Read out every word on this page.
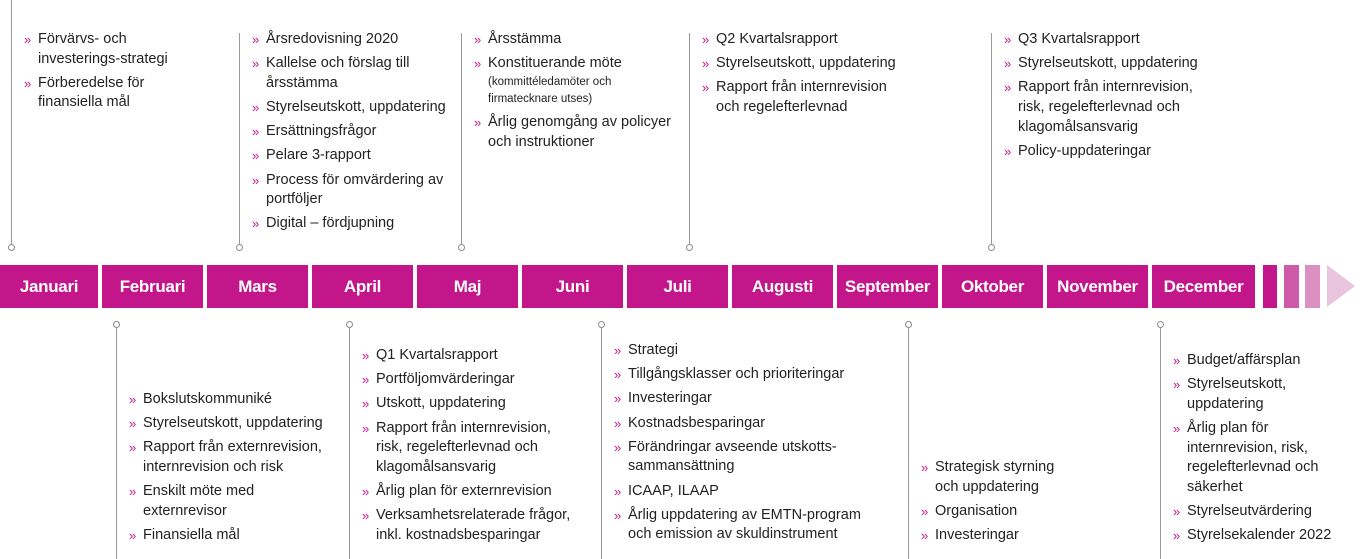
Januari	Februari	Mars	April	Maj	Juni	Juli	Augusti	September	Oktober	November	December
» Förvärvs- och investerings-strategi
» Förberedelse för finansiella mål
» Årsredovisning 2020
» Kallelse och förslag till årsstämma
» Styrelseutskott, uppdatering
» Ersättningsfrågor
» Pelare 3-rapport
» Process för omvärdering av portföljer
» Digital – fördjupning
» Årsstämma
» Konstituerande möte
(kommittéledamöter och firmatecknare utses)
» Årlig genomgång av policyer och instruktioner
» Q2 Kvartalsrapport
» Styrelseutskott, uppdatering
» Rapport från internrevision och regelefterlevnad
» Q3 Kvartalsrapport
» Styrelseutskott, uppdatering
» Rapport från internrevision, risk, regelefterlevnad och klagomålsansvarig
» Policy-uppdateringar
» Bokslutskommuniké
» Styrelseutskott, uppdatering
» Rapport från externrevision, internrevision och risk
» Enskilt möte med externrevisor
» Finansiella mål
» Q1 Kvartalsrapport
» Portföljomvärderingar
» Utskott, uppdatering
» Rapport från internrevision, risk, regelefterlevnad och klagomålsansvarig
» Årlig plan för externrevision
» Verksamhetsrelaterade frågor, inkl. kostnadsbesparingar
» Strategi
» Tillgångsklasser och prioriteringar
» Investeringar
» Kostnadsbesparingar
» Förändringar avseende utskotts-sammansättning
» ICAAP, ILAAP
» Årlig uppdatering av EMTN-program och emission av skuldinstrument
» Strategisk styrning och uppdatering
» Organisation
» Investeringar
» Budget/affärsplan
» Styrelseutskott, uppdatering
» Årlig plan för internrevision, risk, regelefterlevnad och säkerhet
» Styrelseutvärdering
» Styrelsekalender 2022
